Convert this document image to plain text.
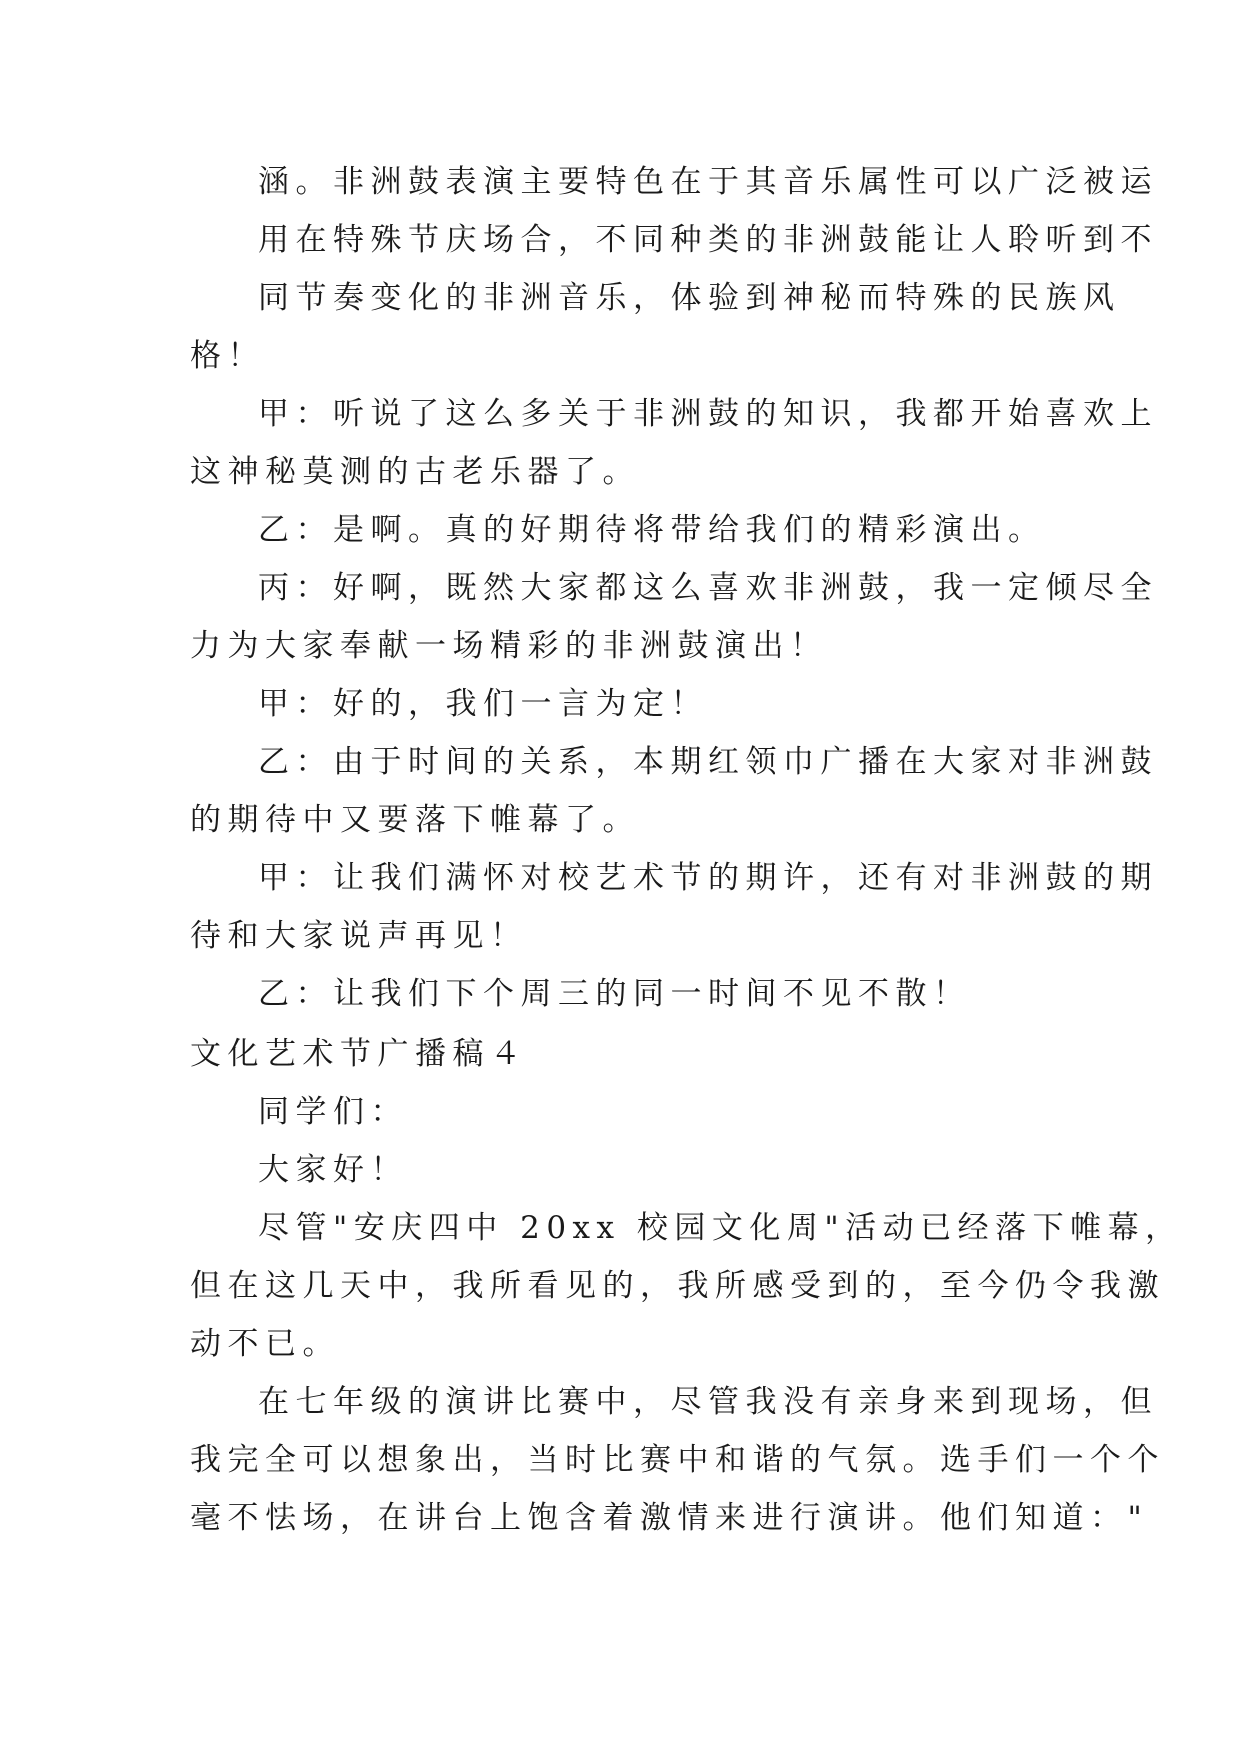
涵。非洲鼓表演主要特色在于其音乐属性可以广泛被运
用在特殊节庆场合，不同种类的非洲鼓能让人聆听到不
同节奏变化的非洲音乐，体验到神秘而特殊的民族风
格！
甲：听说了这么多关于非洲鼓的知识，我都开始喜欢上
这神秘莫测的古老乐器了。
乙：是啊。真的好期待将带给我们的精彩演出。
丙：好啊，既然大家都这么喜欢非洲鼓，我一定倾尽全
力为大家奉献一场精彩的非洲鼓演出！
甲：好的，我们一言为定！
乙：由于时间的关系，本期红领巾广播在大家对非洲鼓
的期待中又要落下帷幕了。
甲：让我们满怀对校艺术节的期许，还有对非洲鼓的期
待和大家说声再见！
乙：让我们下个周三的同一时间不见不散！
文化艺术节广播稿４
同学们：
大家好！
尽管"安庆四中 20xx 校园文化周"活动已经落下帷幕，
但在这几天中，我所看见的，我所感受到的，至今仍令我激
动不已。
在七年级的演讲比赛中，尽管我没有亲身来到现场，但
我完全可以想象出，当时比赛中和谐的气氛。选手们一个个
毫不怯场，在讲台上饱含着激情来进行演讲。他们知道："
